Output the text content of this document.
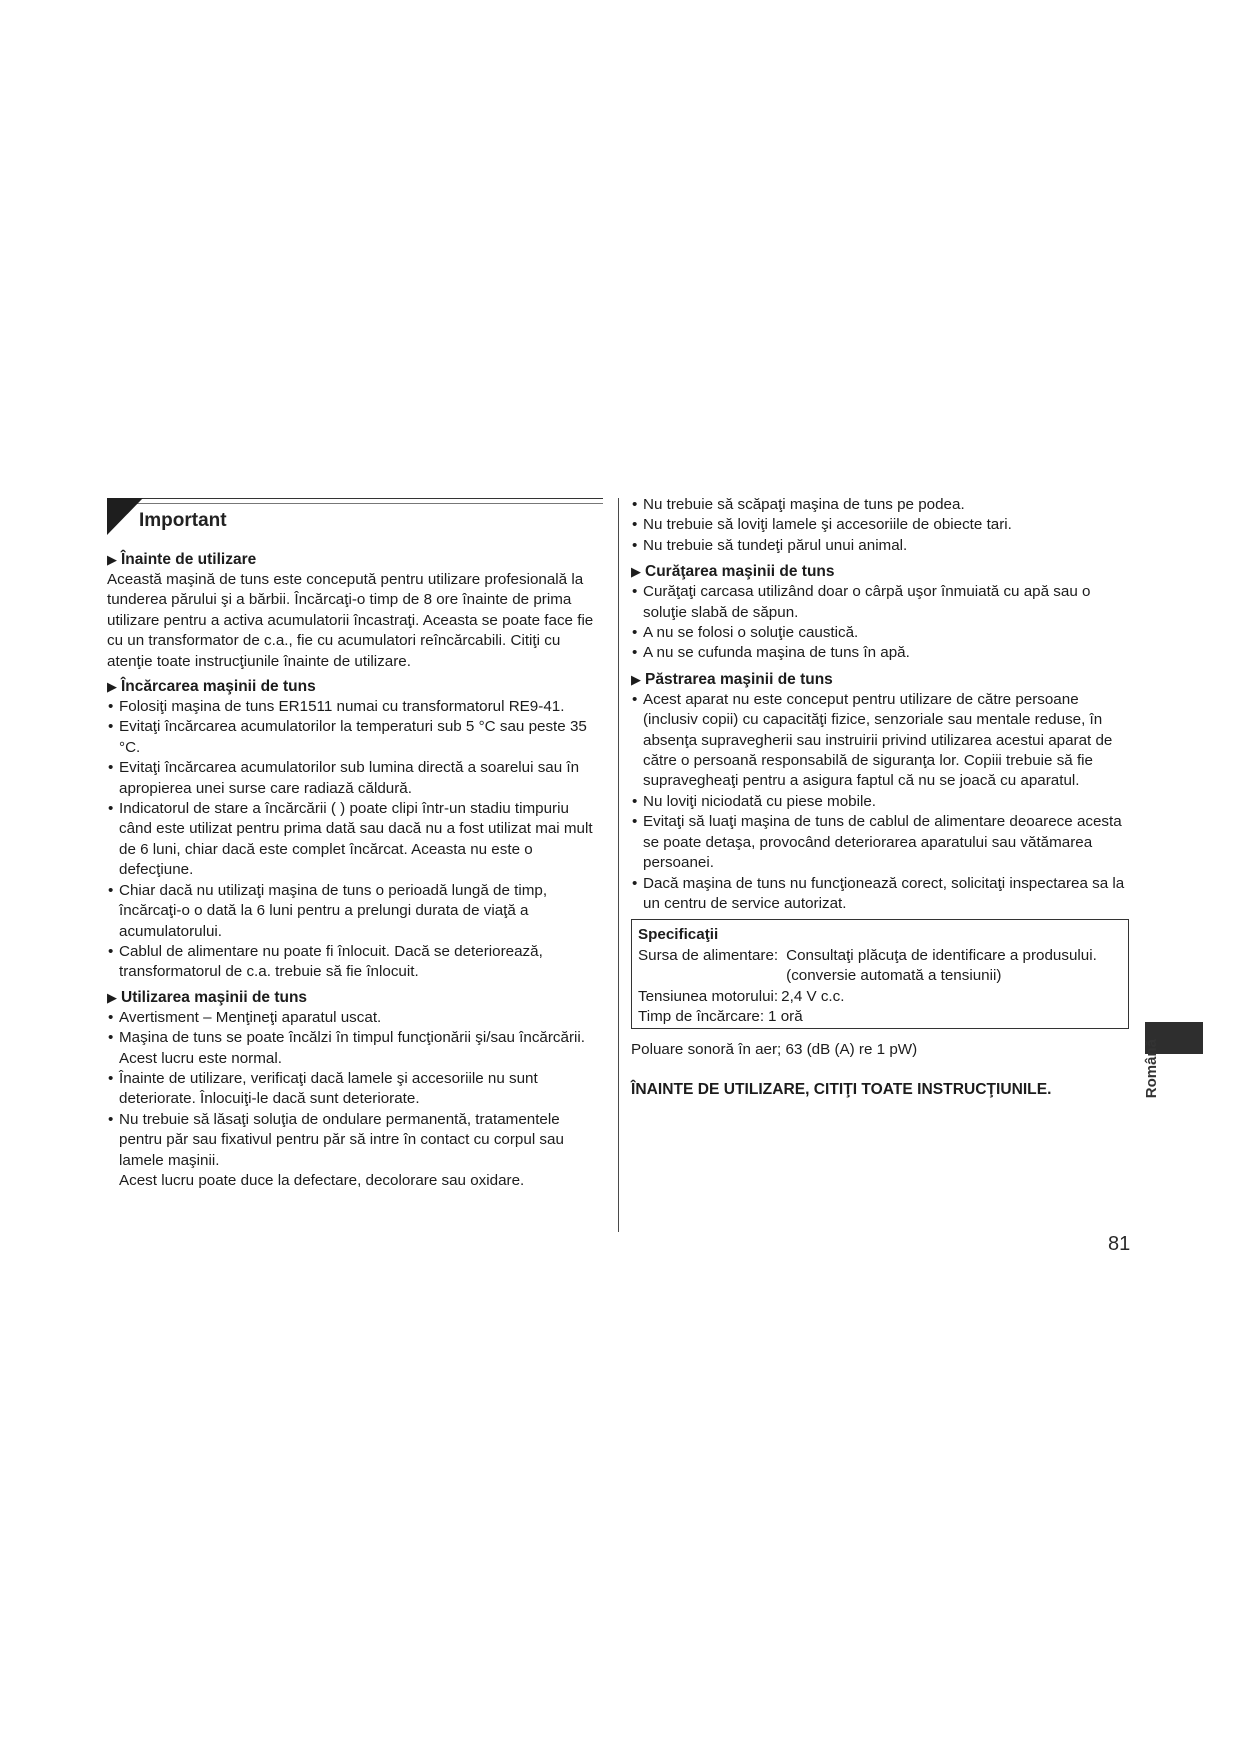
Important
▶ Înainte de utilizare

Această maşină de tuns este concepută pentru utilizare profesională la tunderea părului şi a bărbii. Încărcaţi-o timp de 8 ore înainte de prima utilizare pentru a activa acumulatorii încastraţi. Aceasta se poate face fie cu un transformator de c.a., fie cu acumulatori reîncărcabili. Citiţi cu atenţie toate instrucţiunile înainte de utilizare.

▶ Încărcarea maşinii de tuns
• Folosiţi maşina de tuns ER1511 numai cu transformatorul RE9-41.
• Evitaţi încărcarea acumulatorilor la temperaturi sub 5 °C sau peste 35 °C.
• Evitaţi încărcarea acumulatorilor sub lumina directă a soarelui sau în apropierea unei surse care radiază căldură.
• Indicatorul de stare a încărcării ( ) poate clipi într-un stadiu timpuriu când este utilizat pentru prima dată sau dacă nu a fost utilizat mai mult de 6 luni, chiar dacă este complet încărcat. Aceasta nu este o defecţiune.
• Chiar dacă nu utilizaţi maşina de tuns o perioadă lungă de timp, încărcaţi-o o dată la 6 luni pentru a prelungi durata de viaţă a acumulatorului.
• Cablul de alimentare nu poate fi înlocuit. Dacă se deteriorează, transformatorul de c.a. trebuie să fie înlocuit.
▶ Utilizarea maşinii de tuns
• Avertisment – Menţineţi aparatul uscat.
• Maşina de tuns se poate încălzi în timpul funcţionării şi/sau încărcării. Acest lucru este normal.
• Înainte de utilizare, verificaţi dacă lamele şi accesoriile nu sunt deteriorate. Înlocuiţi-le dacă sunt deteriorate.
• Nu trebuie să lăsaţi soluţia de ondulare permanentă, tratamentele pentru păr sau fixativul pentru păr să intre în contact cu corpul sau lamele maşinii.
Acest lucru poate duce la defectare, decolorare sau oxidare.
• Nu trebuie să scăpaţi maşina de tuns pe podea.
• Nu trebuie să loviţi lamele şi accesoriile de obiecte tari.
• Nu trebuie să tundeţi părul unui animal.
▶ Curăţarea maşinii de tuns
• Curăţaţi carcasa utilizând doar o cârpă uşor înmuiată cu apă sau o soluţie slabă de săpun.
• A nu se folosi o soluţie caustică.
• A nu se cufunda maşina de tuns în apă.
▶ Păstrarea maşinii de tuns
• Acest aparat nu este conceput pentru utilizare de către persoane (inclusiv copii) cu capacităţi fizice, senzoriale sau mentale reduse, în absenţa supravegherii sau instruirii privind utilizarea acestui aparat de către o persoană responsabilă de siguranţa lor. Copiii trebuie să fie supravegheaţi pentru a asigura faptul că nu se joacă cu aparatul.
• Nu loviţi niciodată cu piese mobile.
• Evitaţi să luaţi maşina de tuns de cablul de alimentare deoarece acesta se poate detaşa, provocând deteriorarea aparatului sau vătămarea persoanei.
• Dacă maşina de tuns nu funcţionează corect, solicitaţi inspectarea sa la un centru de service autorizat.
Specificaţii
Sursa de alimentare: Consultaţi plăcuţa de identificare a produsului. (conversie automată a tensiunii)
Tensiunea motorului: 2,4 V c.c.
Timp de încărcare: 1 oră

Poluare sonoră în aer; 63 (dB (A) re 1 pW)

ÎNAINTE DE UTILIZARE, CITIŢI TOATE INSTRUCŢIUNILE.	Română
81
